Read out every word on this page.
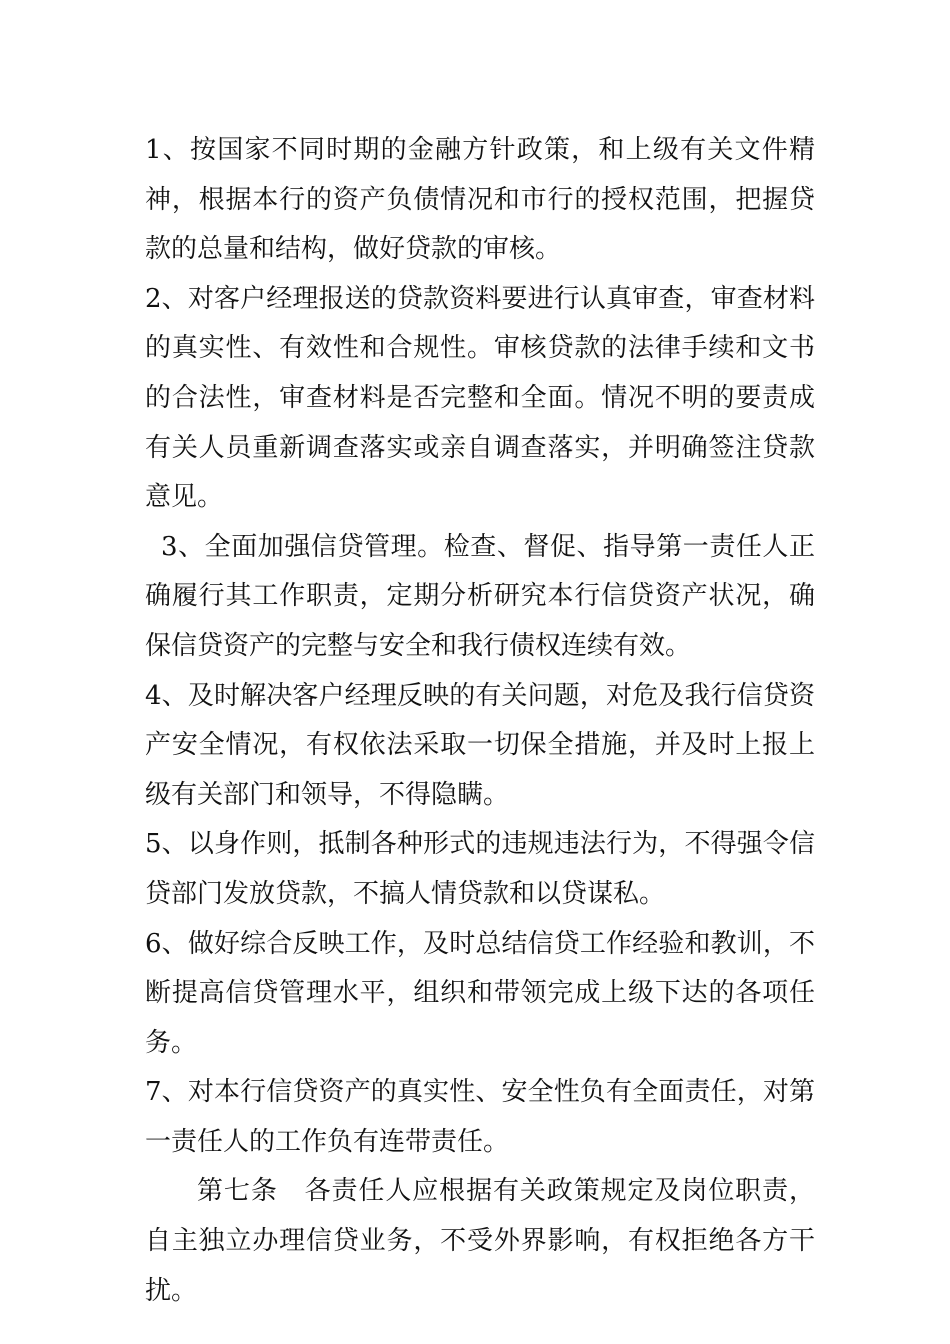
1、按国家不同时期的金融方针政策，和上级有关文件精神，根据本行的资产负债情况和市行的授权范围，把握贷款的总量和结构，做好贷款的审核。

2、对客户经理报送的贷款资料要进行认真审查，审查材料的真实性、有效性和合规性。审核贷款的法律手续和文书的合法性，审查材料是否完整和全面。情况不明的要责成有关人员重新调查落实或亲自调查落实，并明确签注贷款意见。

3、全面加强信贷管理。检查、督促、指导第一责任人正确履行其工作职责，定期分析研究本行信贷资产状况，确保信贷资产的完整与安全和我行债权连续有效。

4、及时解决客户经理反映的有关问题，对危及我行信贷资产安全情况，有权依法采取一切保全措施，并及时上报上级有关部门和领导，不得隐瞒。

5、以身作则，抵制各种形式的违规违法行为，不得强令信贷部门发放贷款，不搞人情贷款和以贷谋私。

6、做好综合反映工作，及时总结信贷工作经验和教训，不断提高信贷管理水平，组织和带领完成上级下达的各项任务。

7、对本行信贷资产的真实性、安全性负有全面责任，对第一责任人的工作负有连带责任。

第七条　各责任人应根据有关政策规定及岗位职责，自主独立办理信贷业务，不受外界影响，有权拒绝各方干扰。
